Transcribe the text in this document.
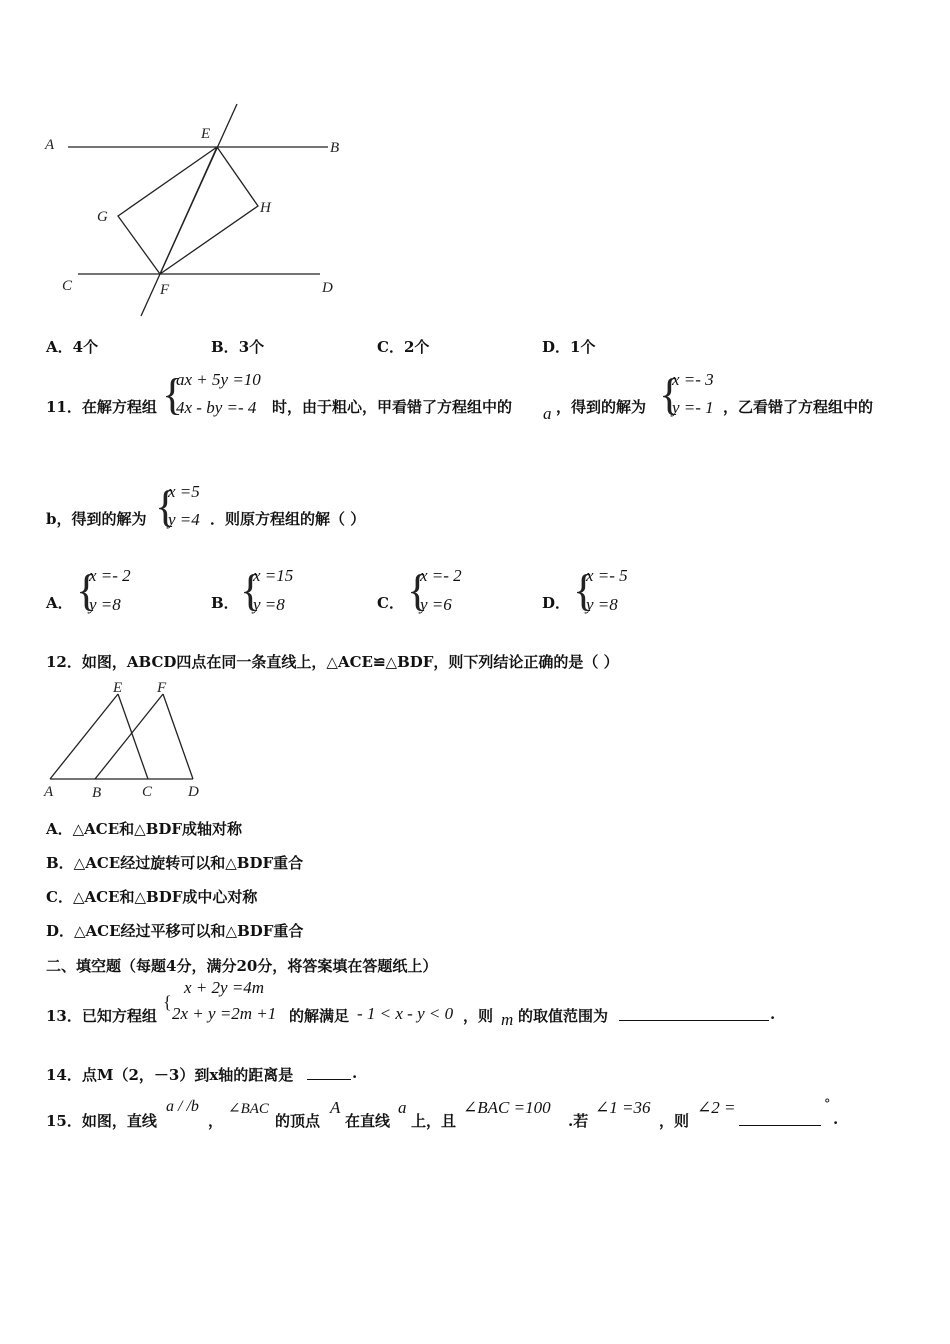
A	B
E
G
H
C	F	D
A．4个	B．3个	C．2个	D．1个
11．在解方程组 {
ax + 5y =10
4x - by =- 4 时，由于粗心，甲看错了方程组中的 a ，得到的解为 {
x =- 3
y =- 1 ，乙看错了方程组中的
b，得到的解为 {
x =5
y =4 ．则原方程组的解（ ）
A． {
x =- 2
y =8	B． {
x =15
y =8	C． {
x =- 2
y =6	D． {
x =- 5
y =8
12．如图，ABCD四点在同一条直线上，△ACE≌△BDF，则下列结论正确的是（ ）
E F
A	B	C D
A．△ACE和△BDF成轴对称
B．△ACE经过旋转可以和△BDF重合
C．△ACE和△BDF成中心对称
D．△ACE经过平移可以和△BDF重合
二、填空题（每题4分，满分20分，将答案填在答题纸上）
13．已知方程组
{
x + 2y =4m
2x + y =2m +1 的解满足 - 1 < x - y < 0 ，则 m 的取值范围为	.
14．点M（2，－3）到x轴的距离是	.
15．如图，直线
a / /b
，
∠BAC
的顶点
A
在直线
a
上，且
∠BAC =100
.若
∠1 =36
，则
∠2 =	°
.
